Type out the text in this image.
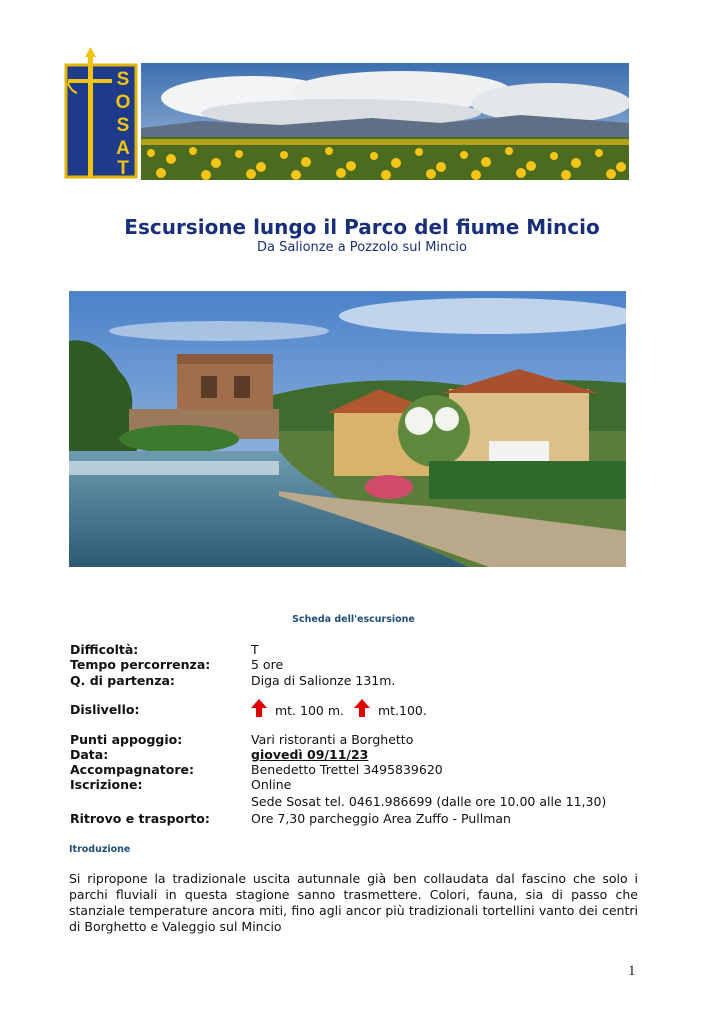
S
O
S
A
T
Escursione lungo il Parco del fiume Mincio
Da Salionze a Pozzolo sul Mincio
Scheda dell'escursione
Difficoltà:	T
Tempo percorrenza:	5 ore
Q. di partenza:	Diga di Salionze 131m.
Dislivello:	mt. 100 m.	mt.100.
Punti appoggio:	Vari ristoranti a Borghetto
Data:	giovedì 09/11/23
Accompagnatore:	Benedetto Trettel 3495839620
Iscrizione:	Online
Sede Sosat tel. 0461.986699 (dalle ore 10.00 alle 11,30)
Ritrovo e trasporto:	Ore 7,30 parcheggio Area Zuffo - Pullman
Itroduzione
Si ripropone la tradizionale uscita autunnale già ben collaudata dal fascino che solo i parchi fluviali in questa stagione sanno trasmettere. Colori, fauna, sia di passo che stanziale temperature ancora miti, fino agli ancor più tradizionali tortellini vanto dei centri di Borghetto e Valeggio sul Mincio
1
